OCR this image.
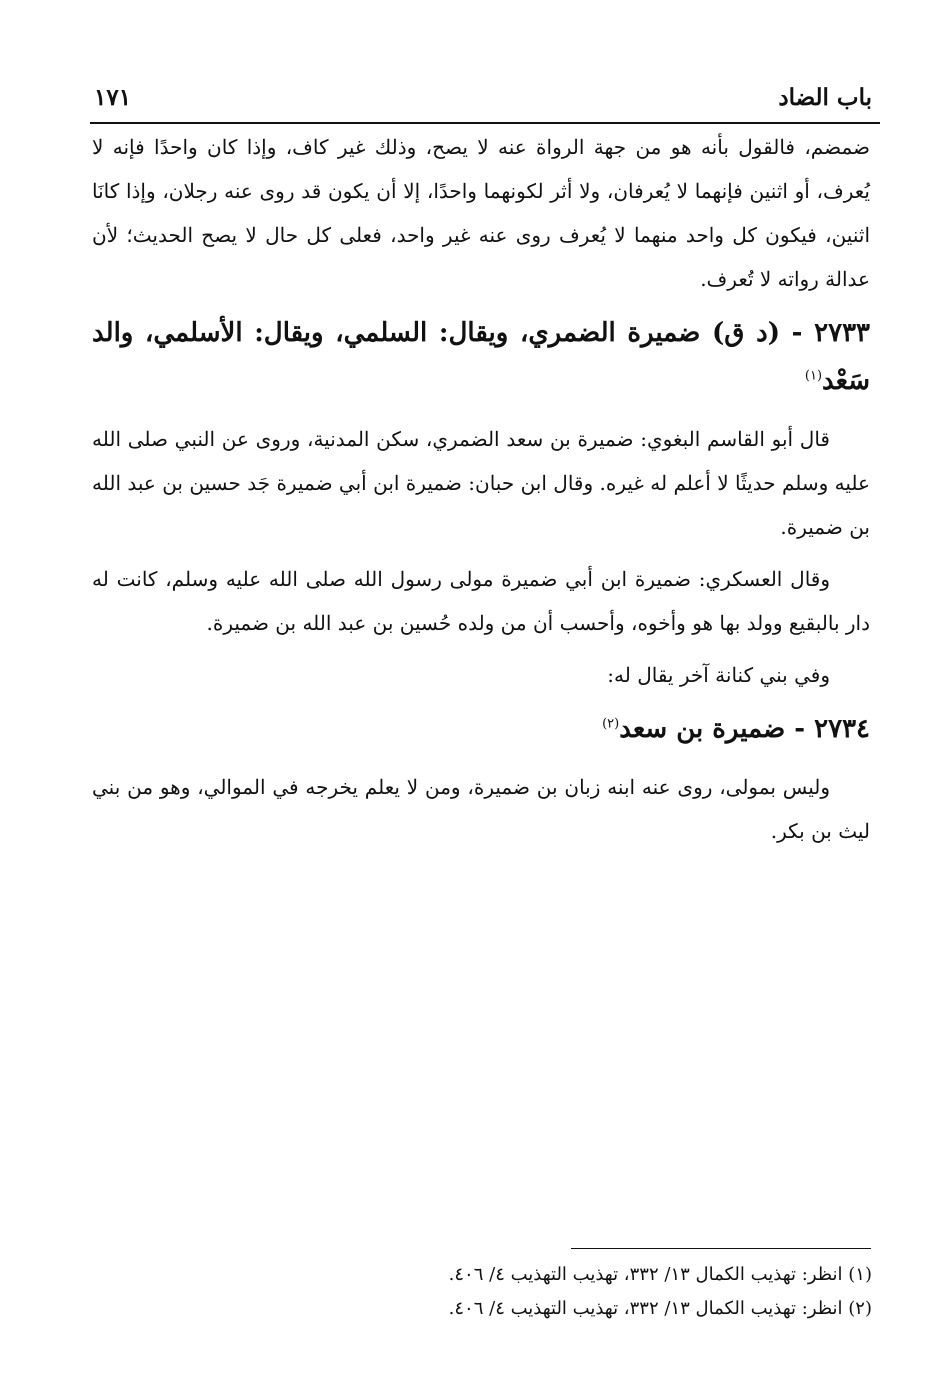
باب الضاد
١٧١

ضمضم، فالقول بأنه هو من جهة الرواة عنه لا يصح، وذلك غير كاف، وإذا كان واحدًا فإنه لا يُعرف، أو اثنين فإنهما لا يُعرفان، ولا أثر لكونهما واحدًا، إلا أن يكون قد روى عنه رجلان، وإذا كانَا اثنين، فيكون كل واحد منهما لا يُعرف روى عنه غير واحد، فعلى كل حال لا يصح الحديث؛ لأن عدالة رواته لا تُعرف.

٢٧٣٣ - (د ق) ضميرة الضمري، ويقال: السلمي، ويقال: الأسلمي، والد سَعْد$^{(١)}$

قال أبو القاسم البغوي: ضميرة بن سعد الضمري، سكن المدنية، وروى عن النبي صلى الله عليه وسلم حديثًا لا أعلم له غيره. وقال ابن حبان: ضميرة ابن أبي ضميرة جَد حسين بن عبد الله بن ضميرة.

وقال العسكري: ضميرة ابن أبي ضميرة مولى رسول الله صلى الله عليه وسلم، كانت له دار بالبقيع وولد بها هو وأخوه، وأحسب أن من ولده حُسين بن عبد الله بن ضميرة.

وفي بني كنانة آخر يقال له:

٢٧٣٤ - ضميرة بن سعد$^{(٢)}$

وليس بمولى، روى عنه ابنه زبان بن ضميرة، ومن لا يعلم يخرجه في الموالي، وهو من بني ليث بن بكر.

(١) انظر: تهذيب الكمال ١٣/ ٣٣٢، تهذيب التهذيب ٤/ ٤٠٦.
(٢) انظر: تهذيب الكمال ١٣/ ٣٣٢، تهذيب التهذيب ٤/ ٤٠٦.
